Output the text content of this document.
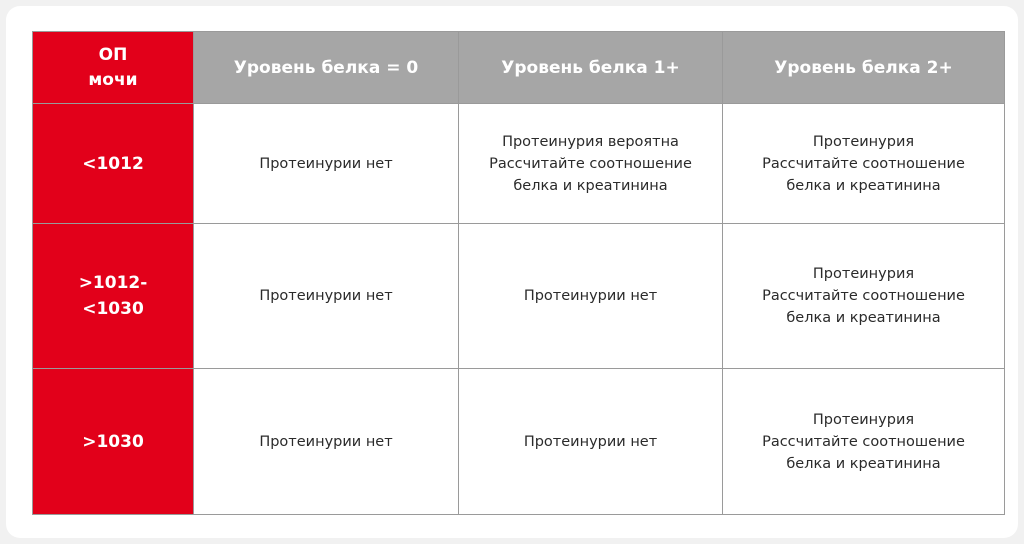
ОП
мочи	Уровень белка = 0	Уровень белка 1+	Уровень белка 2+

<1012	Протеинурии нет	Протеинурия вероятна
Рассчитайте соотношение
белка и креатинина	Протеинурия
Рассчитайте соотношение
белка и креатинина

>1012-
<1030	Протеинурии нет	Протеинурии нет	Протеинурия
Рассчитайте соотношение
белка и креатинина

>1030	Протеинурии нет	Протеинурии нет	Протеинурия
Рассчитайте соотношение
белка и креатинина
